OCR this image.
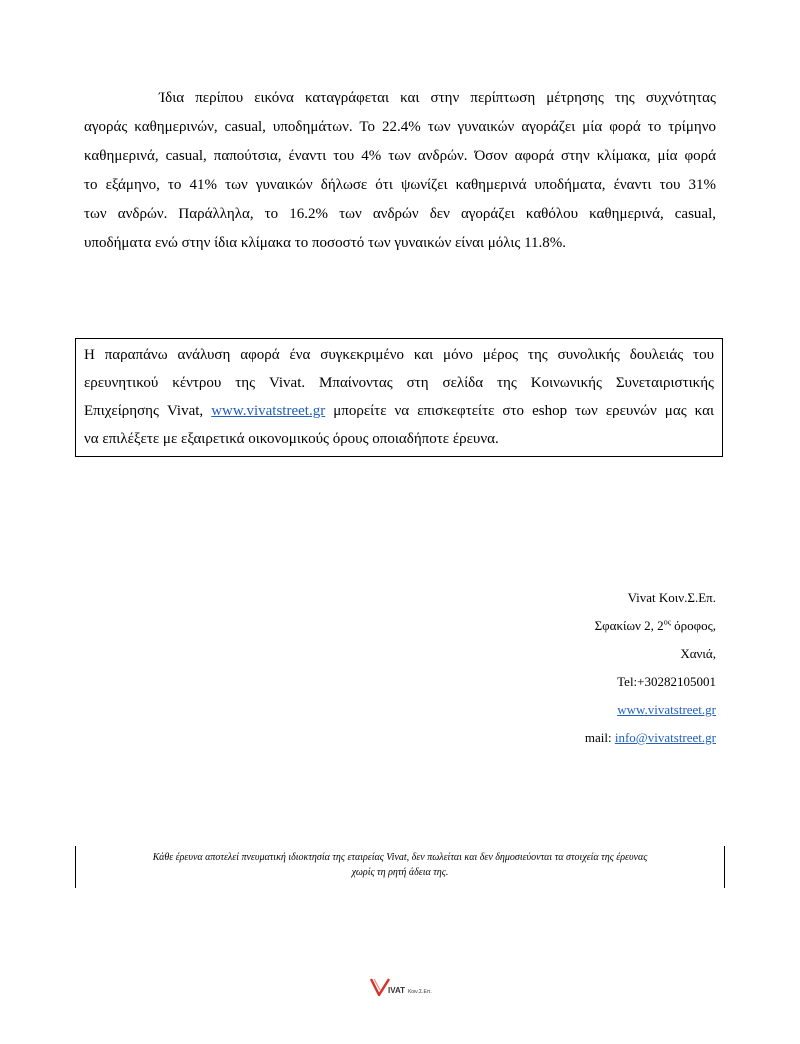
Ίδια περίπου εικόνα καταγράφεται και στην περίπτωση μέτρησης της συχνότητας
αγοράς καθημερινών, casual, υποδημάτων. Το 22.4% των γυναικών αγοράζει μία φορά το τρίμηνο
καθημερινά, casual, παπούτσια, έναντι του 4% των ανδρών. Όσον αφορά στην κλίμακα, μία φορά
το εξάμηνο, το 41% των γυναικών δήλωσε ότι ψωνίζει καθημερινά υποδήματα, έναντι του 31%
των ανδρών. Παράλληλα, το 16.2% των ανδρών δεν αγοράζει καθόλου καθημερινά, casual,
υποδήματα ενώ στην ίδια κλίμακα το ποσοστό των γυναικών είναι μόλις 11.8%.
Η παραπάνω ανάλυση αφορά ένα συγκεκριμένο και μόνο μέρος της συνολικής δουλειάς του
ερευνητικού κέντρου της Vivat. Μπαίνοντας στη σελίδα της Κοινωνικής Συνεταιριστικής
Επιχείρησης Vivat, www.vivatstreet.gr μπορείτε να επισκεφτείτε στο eshop των ερευνών μας και
να επιλέξετε με εξαιρετικά οικονομικούς όρους οποιαδήποτε έρευνα.
Vivat Κοιν.Σ.Επ.
Σφακίων 2, $2^{o\varsigma}$ όροφος,
Χανιά,
Tel:+30282105001
www.vivatstreet.gr
mail: info@vivatstreet.gr
Κάθε έρευνα αποτελεί πνευματική ιδιοκτησία της εταιρείας Vivat, δεν πωλείται και δεν δημοσιεύονται τα στοιχεία της έρευνας
χωρίς τη ρητή άδεια της.
IVAT Κοιν.Σ.Επ.
